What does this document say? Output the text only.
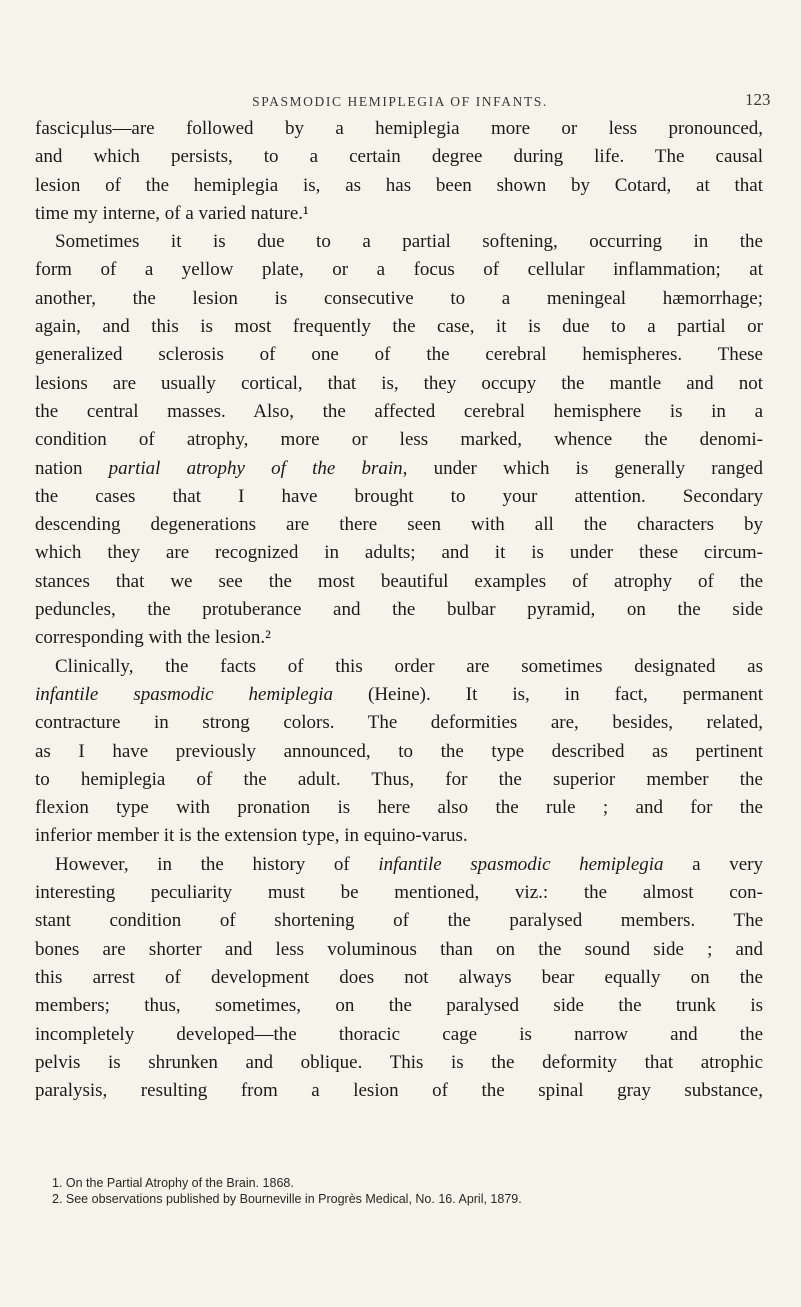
SPASMODIC HEMIPLEGIA OF INFANTS.	123
fascicµlus—are followed by a hemiplegia more or less pronounced,
and which persists, to a certain degree during life. The causal
lesion of the hemiplegia is, as has been shown by Cotard, at that
time my interne, of a varied nature.¹
Sometimes it is due to a partial softening, occurring in the
form of a yellow plate, or a focus of cellular inflammation; at
another, the lesion is consecutive to a meningeal hæmorrhage;
again, and this is most frequently the case, it is due to a partial or
generalized sclerosis of one of the cerebral hemispheres. These
lesions are usually cortical, that is, they occupy the mantle and not
the central masses. Also, the affected cerebral hemisphere is in a
condition of atrophy, more or less marked, whence the denomi-
nation partial atrophy of the brain, under which is generally ranged
the cases that I have brought to your attention. Secondary
descending degenerations are there seen with all the characters by
which they are recognized in adults; and it is under these circum-
stances that we see the most beautiful examples of atrophy of the
peduncles, the protuberance and the bulbar pyramid, on the side
corresponding with the lesion.²
Clinically, the facts of this order are sometimes designated as
infantile spasmodic hemiplegia (Heine). It is, in fact, permanent
contracture in strong colors. The deformities are, besides, related,
as I have previously announced, to the type described as pertinent
to hemiplegia of the adult. Thus, for the superior member the
flexion type with pronation is here also the rule ; and for the
inferior member it is the extension type, in equino-varus.
However, in the history of infantile spasmodic hemiplegia a very
interesting peculiarity must be mentioned, viz.: the almost con-
stant condition of shortening of the paralysed members. The
bones are shorter and less voluminous than on the sound side ; and
this arrest of development does not always bear equally on the
members; thus, sometimes, on the paralysed side the trunk is
incompletely developed—the thoracic cage is narrow and the
pelvis is shrunken and oblique. This is the deformity that atrophic
paralysis, resulting from a lesion of the spinal gray substance,
1. On the Partial Atrophy of the Brain. 1868.
2. See observations published by Bourneville in Progrès Medical, No. 16. April, 1879.
